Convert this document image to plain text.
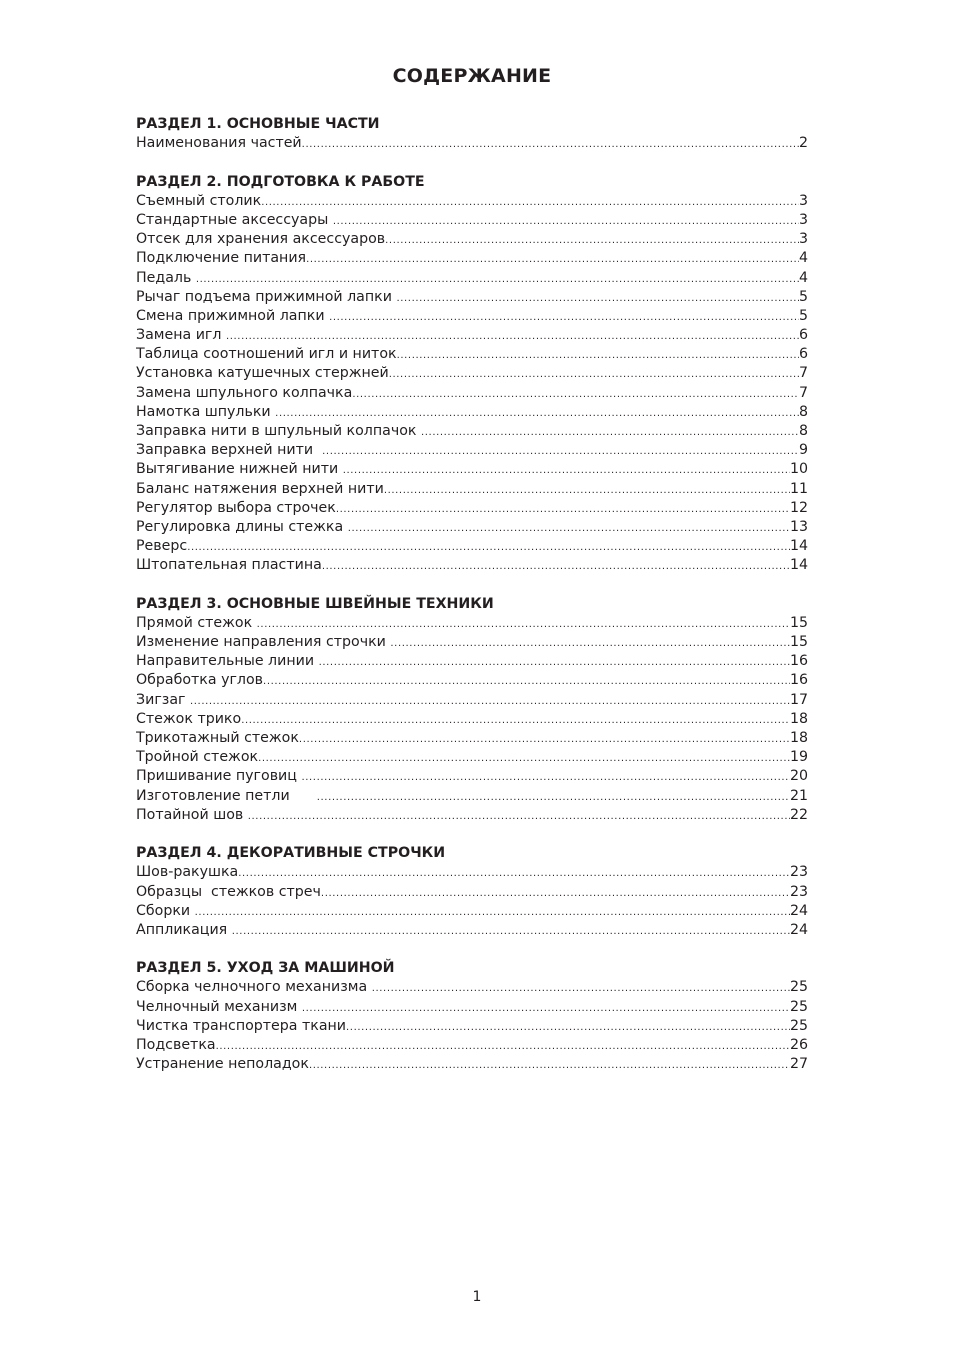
СОДЕРЖАНИЕ
РАЗДЕЛ 1. ОСНОВНЫЕ ЧАСТИ
Наименования частей .....	2
РАЗДЕЛ 2. ПОДГОТОВКА К РАБОТЕ
Съемный столик .....	3
Стандартные аксессуары .....	3
Отсек для хранения аксессуаров .....	3
Подключение питания .....	4
Педаль .....	4
Рычаг подъема прижимной лапки .....	5
Смена прижимной лапки .....	5
Замена игл .....	6
Таблица соотношений игл и ниток .....	6
Установка катушечных стержней .....	7
Замена шпульного колпачка .....	7
Намотка шпульки .....	8
Заправка нити в шпульный колпачок .....	8
Заправка верхней нити .....	9
Вытягивание нижней нити .....	10
Баланс натяжения верхней нити .....	11
Регулятор выбора строчек .....	12
Регулировка длины стежка .....	13
Реверс .....	14
Штопательная пластина .....	14
РАЗДЕЛ 3. ОСНОВНЫЕ ШВЕЙНЫЕ ТЕХНИКИ
Прямой стежок .....	15
Изменение направления строчки .....	15
Направительные линии .....	16
Обработка углов .....	16
Зигзаг .....	17
Стежок трико .....	18
Трикотажный стежок .....	18
Тройной стежок .....	19
Пришивание пуговиц .....	20
Изготовление петли .....	21
Потайной шов .....	22
РАЗДЕЛ 4. ДЕКОРАТИВНЫЕ СТРОЧКИ
Шов-ракушка .....	23
Образцы  стежков стреч .....	23
Сборки .....	24
Аппликация .....	24
РАЗДЕЛ 5. УХОД ЗА МАШИНОЙ
Сборка челночного механизма .....	25
Челночный механизм .....	25
Чистка транспортера ткани .....	25
Подсветка .....	26
Устранение неполадок .....	27
1
